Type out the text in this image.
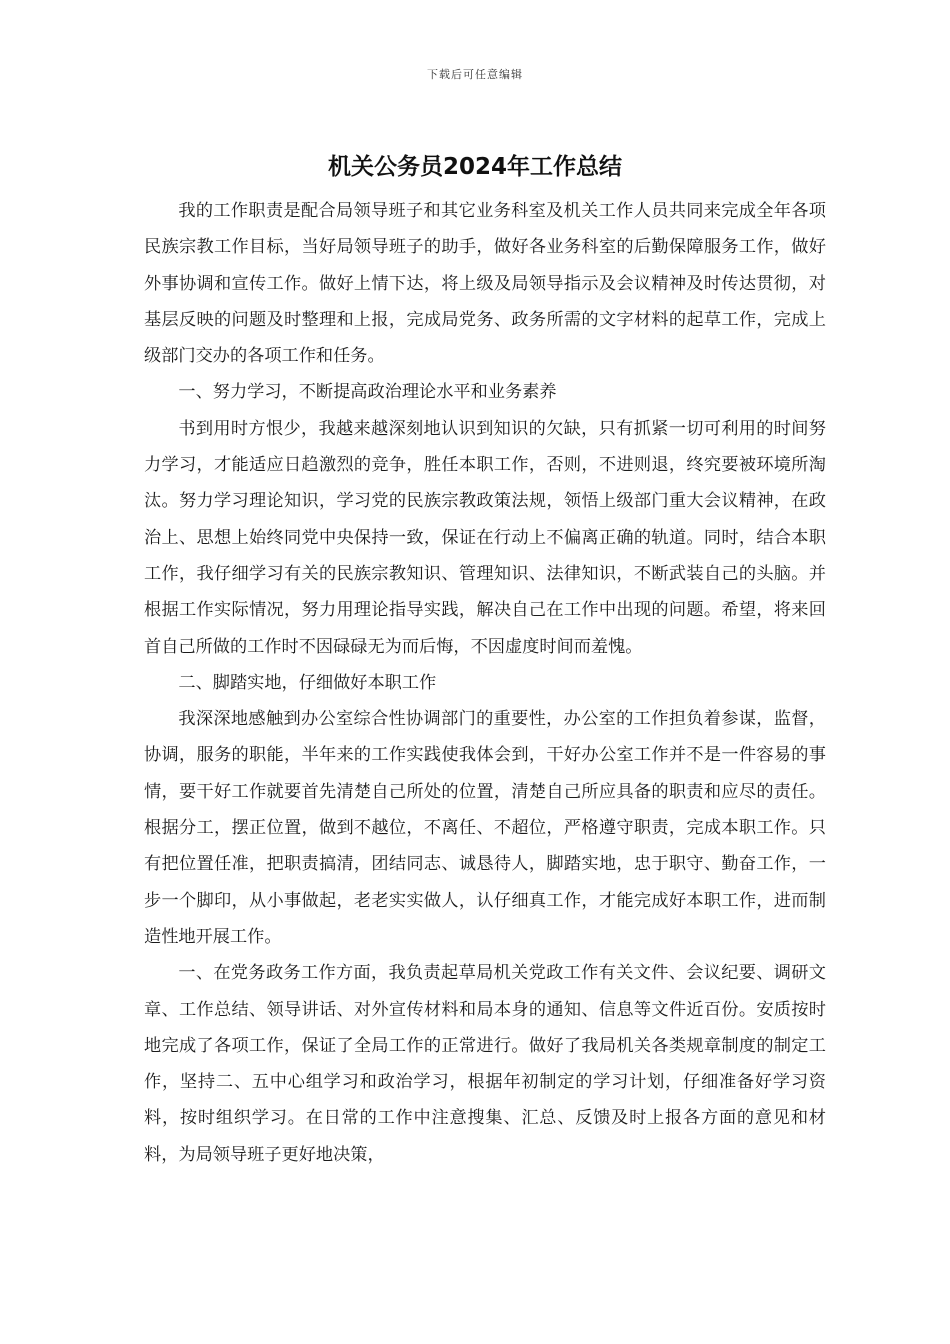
下载后可任意编辑
机关公务员2024年工作总结

我的工作职责是配合局领导班子和其它业务科室及机关工作人员共同来完成全年各项民族宗教工作目标，当好局领导班子的助手，做好各业务科室的后勤保障服务工作，做好外事协调和宣传工作。做好上情下达，将上级及局领导指示及会议精神及时传达贯彻，对基层反映的问题及时整理和上报，完成局党务、政务所需的文字材料的起草工作，完成上级部门交办的各项工作和任务。

一、努力学习，不断提高政治理论水平和业务素养

书到用时方恨少，我越来越深刻地认识到知识的欠缺，只有抓紧一切可利用的时间努力学习，才能适应日趋激烈的竞争，胜任本职工作，否则，不进则退，终究要被环境所淘汰。努力学习理论知识，学习党的民族宗教政策法规，领悟上级部门重大会议精神，在政治上、思想上始终同党中央保持一致，保证在行动上不偏离正确的轨道。同时，结合本职工作，我仔细学习有关的民族宗教知识、管理知识、法律知识，不断武装自己的头脑。并根据工作实际情况，努力用理论指导实践，解决自己在工作中出现的问题。希望，将来回首自己所做的工作时不因碌碌无为而后悔，不因虚度时间而羞愧。

二、脚踏实地，仔细做好本职工作

我深深地感触到办公室综合性协调部门的重要性，办公室的工作担负着参谋，监督，协调，服务的职能，半年来的工作实践使我体会到，干好办公室工作并不是一件容易的事情，要干好工作就要首先清楚自己所处的位置，清楚自己所应具备的职责和应尽的责任。根据分工，摆正位置，做到不越位，不离任、不超位，严格遵守职责，完成本职工作。只有把位置任准，把职责搞清，团结同志、诚恳待人，脚踏实地，忠于职守、勤奋工作，一步一个脚印，从小事做起，老老实实做人，认仔细真工作，才能完成好本职工作，进而制造性地开展工作。

一、在党务政务工作方面，我负责起草局机关党政工作有关文件、会议纪要、调研文章、工作总结、领导讲话、对外宣传材料和局本身的通知、信息等文件近百份。安质按时地完成了各项工作，保证了全局工作的正常进行。做好了我局机关各类规章制度的制定工作，坚持二、五中心组学习和政治学习，根据年初制定的学习计划，仔细准备好学习资料，按时组织学习。在日常的工作中注意搜集、汇总、反馈及时上报各方面的意见和材料，为局领导班子更好地决策，
